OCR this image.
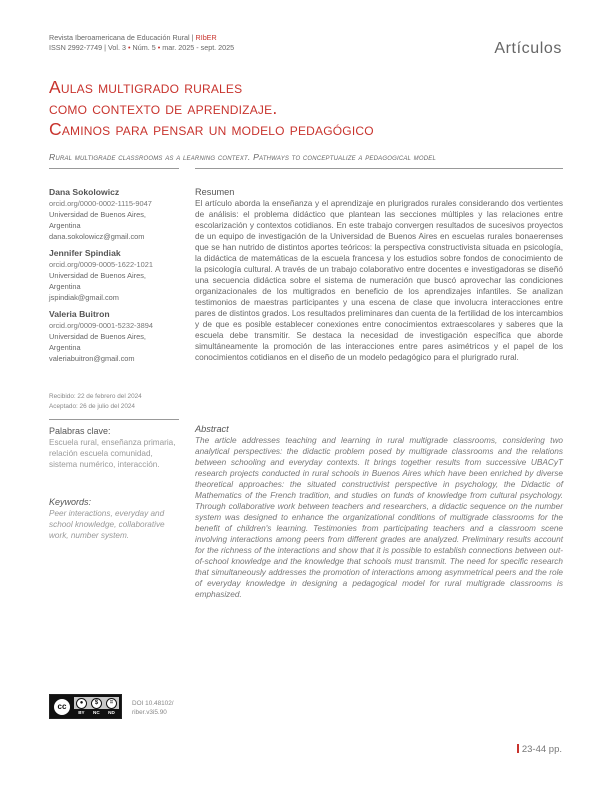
Revista Iberoamericana de Educación Rural | RIbER
ISSN 2992-7749 | Vol. 3 • Núm. 5 • mar. 2025 - sept. 2025	Artículos
Aulas multigrado rurales
como contexto de aprendizaje.
Caminos para pensar un modelo pedagógico
Rural multigrade classrooms as a learning context. Pathways to conceptualize a pedagogical model
Dana Sokolowicz
orcid.org/0000-0002-1115-9047
Universidad de Buenos Aires,
Argentina
dana.sokolowicz@gmail.com
Jennifer Spindiak
orcid.org/0009-0005-1622-1021
Universidad de Buenos Aires,
Argentina
jspindiak@gmail.com
Valeria Buitron
orcid.org/0009-0001-5232-3894
Universidad de Buenos Aires,
Argentina
valeriabuitron@gmail.com
Recibido: 22 de febrero del 2024
Aceptado: 26 de julio del 2024
Palabras clave:
Escuela rural, enseñanza primaria, relación escuela comunidad, sistema numérico, interacción.
Keywords:
Peer interactions, everyday and school knowledge, collaborative work, number system.
Resumen
El artículo aborda la enseñanza y el aprendizaje en plurigrados rurales considerando dos vertientes de análisis: el problema didáctico que plantean las secciones múltiples y las relaciones entre escolarización y contextos cotidianos. En este trabajo convergen resultados de sucesivos proyectos de un equipo de investigación de la Universidad de Buenos Aires en escuelas rurales bonaerenses que se han nutrido de distintos aportes teóricos: la perspectiva constructivista situada en psicología, la didáctica de matemáticas de la escuela francesa y los estudios sobre fondos de conocimiento de la psicología cultural. A través de un trabajo colaborativo entre docentes e investigadoras se diseñó una secuencia didáctica sobre el sistema de numeración que buscó aprovechar las condiciones organizacionales de los multigrados en beneficio de los aprendizajes infantiles. Se analizan testimonios de maestras participantes y una escena de clase que involucra interacciones entre pares de distintos grados. Los resultados preliminares dan cuenta de la fertilidad de los intercambios y de que es posible establecer conexiones entre conocimientos extraescolares y saberes que la escuela debe transmitir. Se destaca la necesidad de investigación específica que aborde simultáneamente la promoción de las interacciones entre pares asimétricos y el papel de los conocimientos cotidianos en el diseño de un modelo pedagógico para el plurigrado rural.
Abstract
The article addresses teaching and learning in rural multigrade classrooms, considering two analytical perspectives: the didactic problem posed by multigrade classrooms and the relations between schooling and everyday contexts. It brings together results from successive UBACyT research projects conducted in rural schools in Buenos Aires which have been enriched by diverse theoretical approaches: the situated constructivist perspective in psychology, the Didactic of Mathematics of the French tradition, and studies on funds of knowledge from cultural psychology. Through collaborative work between teachers and researchers, a didactic sequence on the number system was designed to enhance the organizational conditions of multigrade classrooms for the benefit of children's learning. Testimonies from participating teachers and a classroom scene involving interactions among peers from different grades are analyzed. Preliminary results account for the richness of the interactions and show that it is possible to establish connections between out-of-school knowledge and the knowledge that schools must transmit. The need for specific research that simultaneously addresses the promotion of interactions among asymmetrical peers and the role of everyday knowledge in designing a pedagogical model for rural multigrade classrooms is emphasized.
cc	●	$	=
BY NC ND
DOI 10.48102/
riber.v3i5.90
23-44 pp.
